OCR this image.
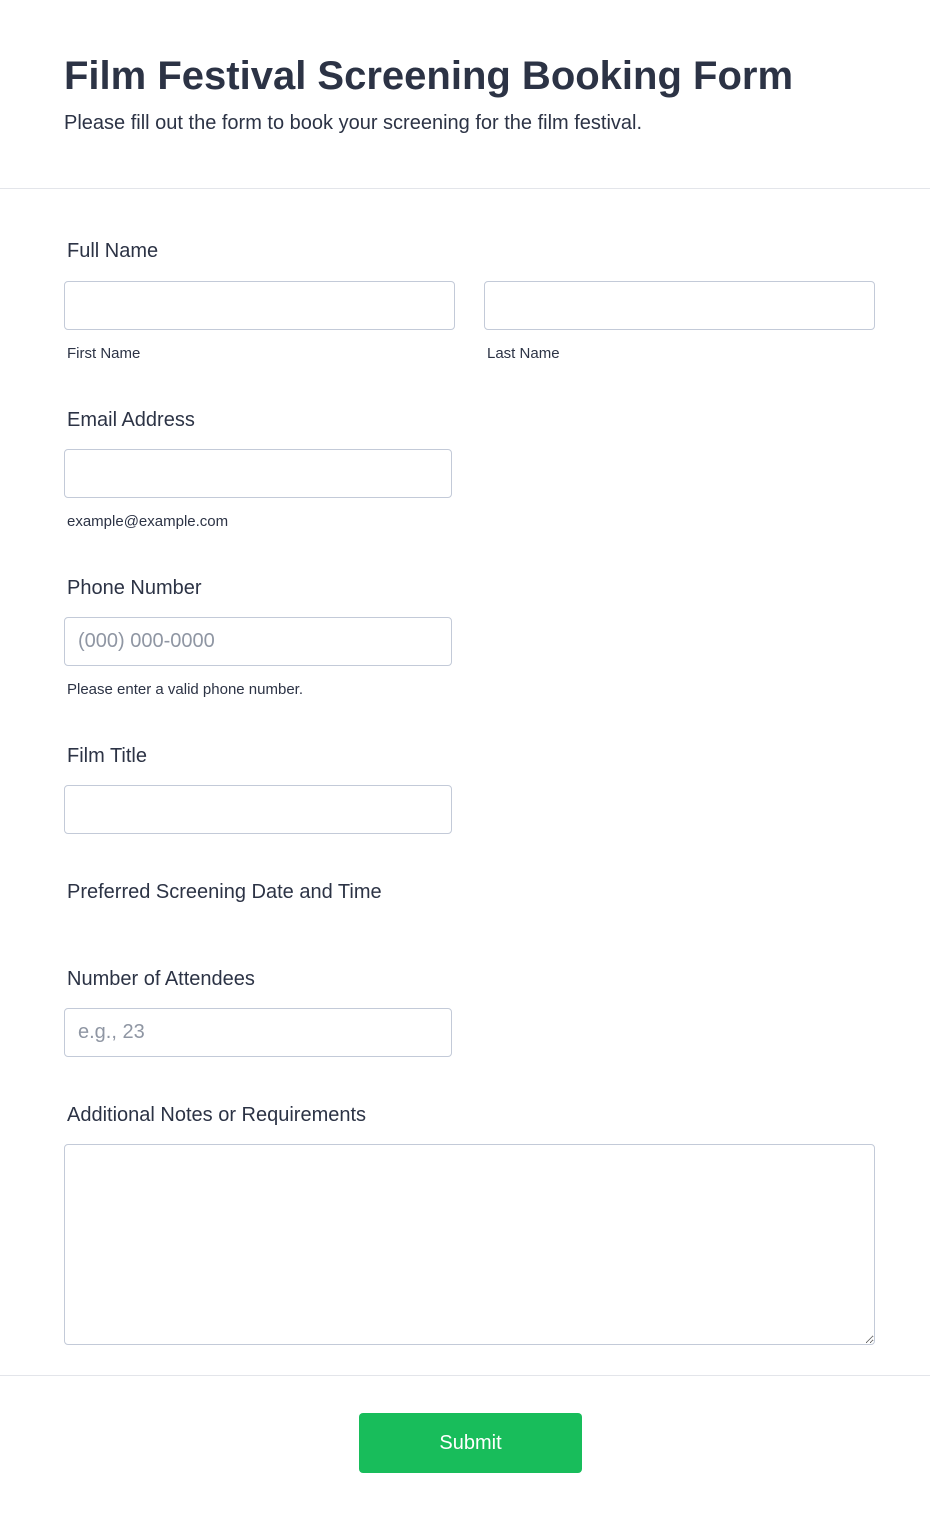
Film Festival Screening Booking Form
Please fill out the form to book your screening for the film festival.
Full Name
First Name	Last Name
Email Address
example@example.com
Phone Number
(000) 000-0000
Please enter a valid phone number.
Film Title
Preferred Screening Date and Time
Number of Attendees
e.g., 23
Additional Notes or Requirements
Submit
